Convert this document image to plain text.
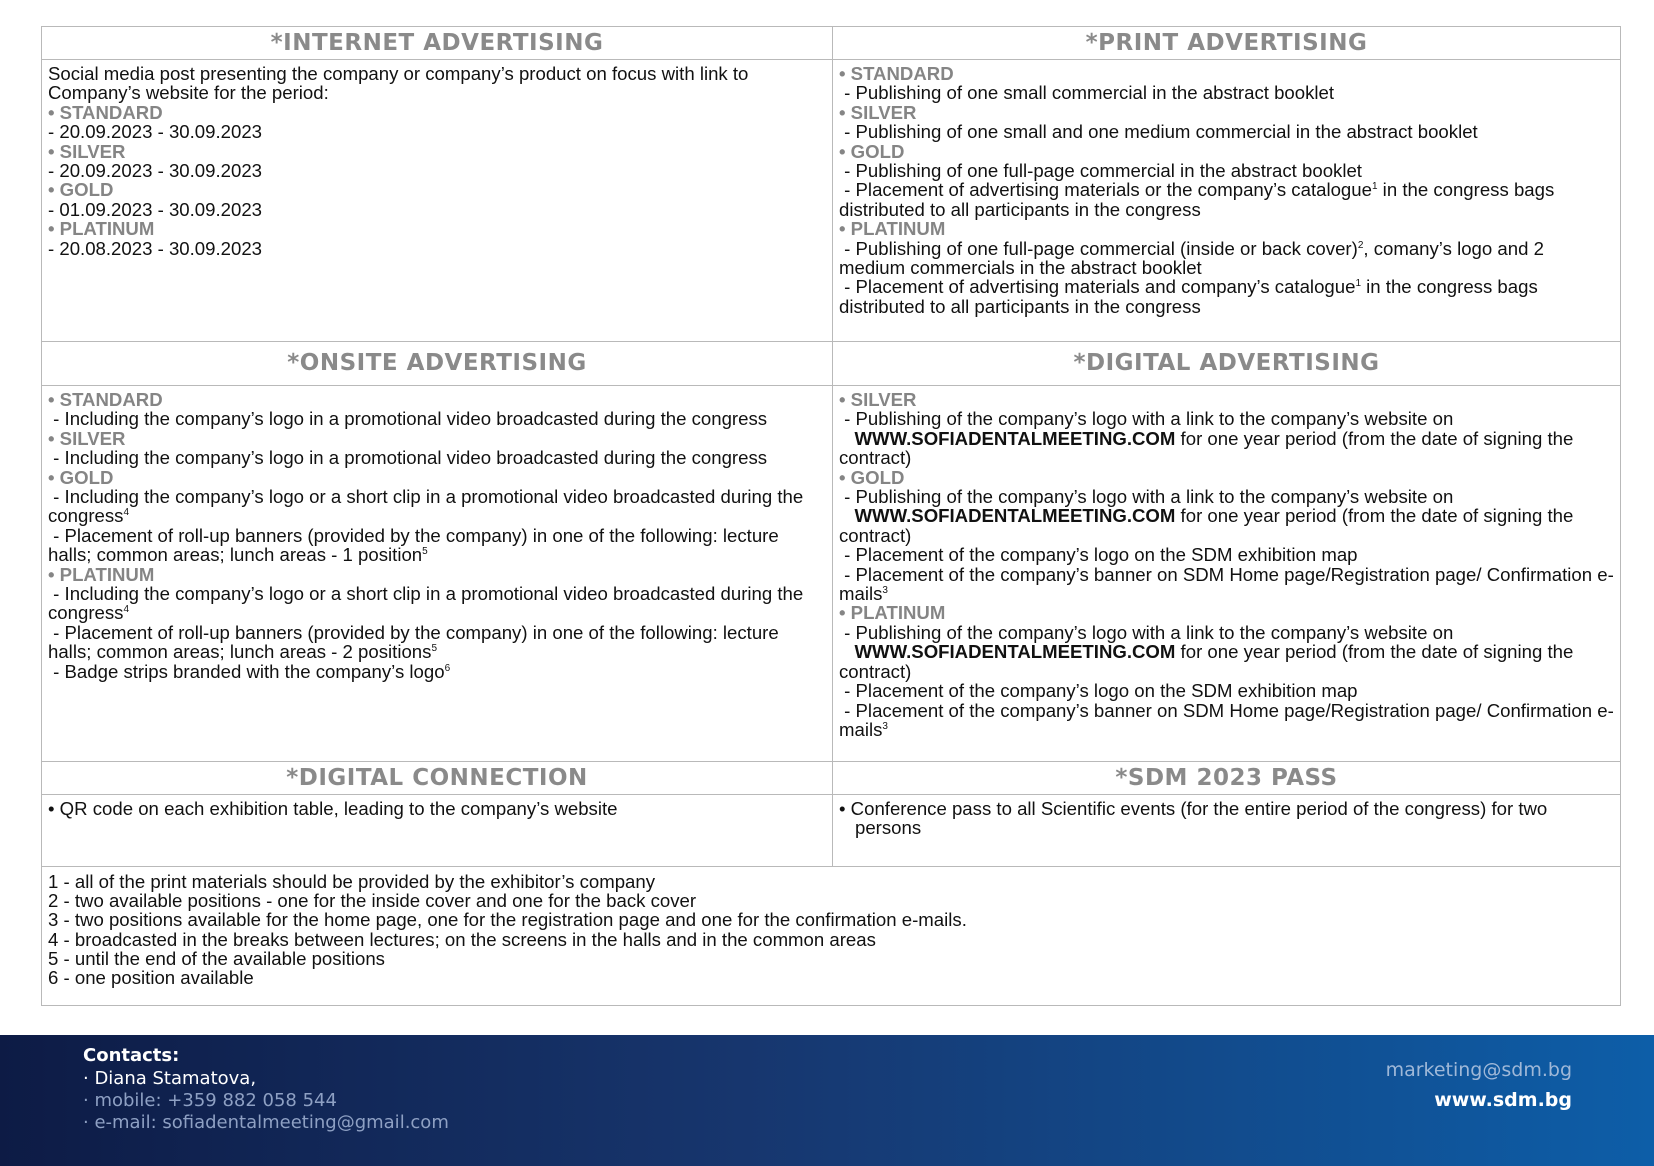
*INTERNET ADVERTISING
Social media post presenting the company or company’s product on focus with link to Company’s website for the period:
• STANDARD
- 20.09.2023 - 30.09.2023
• SILVER
- 20.09.2023 - 30.09.2023
• GOLD
- 01.09.2023 - 30.09.2023
• PLATINUM
- 20.08.2023 - 30.09.2023
*PRINT ADVERTISING
• STANDARD
- Publishing of one small commercial in the abstract booklet
• SILVER
- Publishing of one small and one medium commercial in the abstract booklet
• GOLD
- Publishing of one full-page commercial in the abstract booklet
- Placement of advertising materials or the company’s catalogue$^1$ in the congress bags distributed to all participants in the congress
• PLATINUM
- Publishing of one full-page commercial (inside or back cover)$^2$, comany’s logo and 2 medium commercials in the abstract booklet
- Placement of advertising materials and company’s catalogue$^1$ in the congress bags distributed to all participants in the congress
*ONSITE ADVERTISING
• STANDARD
- Including the company’s logo in a promotional video broadcasted during the congress
• SILVER
- Including the company’s logo in a promotional video broadcasted during the congress
• GOLD
- Including the company’s logo or a short clip in a promotional video broadcasted during the congress$^4$
- Placement of roll-up banners (provided by the company) in one of the following: lecture halls; common areas; lunch areas - 1 position$^5$
• PLATINUM
- Including the company’s logo or a short clip in a promotional video broadcasted during the congress$^4$
- Placement of roll-up banners (provided by the company) in one of the following: lecture halls; common areas; lunch areas - 2 positions$^5$
- Badge strips branded with the company’s logo$^6$
*DIGITAL ADVERTISING
• SILVER
- Publishing of the company’s logo with a link to the company’s website on
WWW.SOFIADENTALMEETING.COM for one year period (from the date of signing the contract)
• GOLD
- Publishing of the company’s logo with a link to the company’s website on
WWW.SOFIADENTALMEETING.COM for one year period (from the date of signing the contract)
- Placement of the company’s logo on the SDM exhibition map
- Placement of the company’s banner on SDM Home page/Registration page/ Confirmation e-mails$^3$
• PLATINUM
- Publishing of the company’s logo with a link to the company’s website on
WWW.SOFIADENTALMEETING.COM for one year period (from the date of signing the contract)
- Placement of the company’s logo on the SDM exhibition map
- Placement of the company’s banner on SDM Home page/Registration page/ Confirmation e-mails$^3$
*DIGITAL CONNECTION
• QR code on each exhibition table, leading to the company’s website
*SDM 2023 PASS
• Conference pass to all Scientific events (for the entire period of the congress) for two persons
1 - all of the print materials should be provided by the exhibitor’s company
2 - two available positions - one for the inside cover and one for the back cover
3 - two positions available for the home page, one for the registration page and one for the confirmation e-mails.
4 - broadcasted in the breaks between lectures; on the screens in the halls and in the common areas
5 - until the end of the available positions
6 - one position available
Contacts:
· Diana Stamatova,
· mobile: +359 882 058 544
· e-mail: sofiadentalmeeting@gmail.com
marketing@sdm.bg
www.sdm.bg
